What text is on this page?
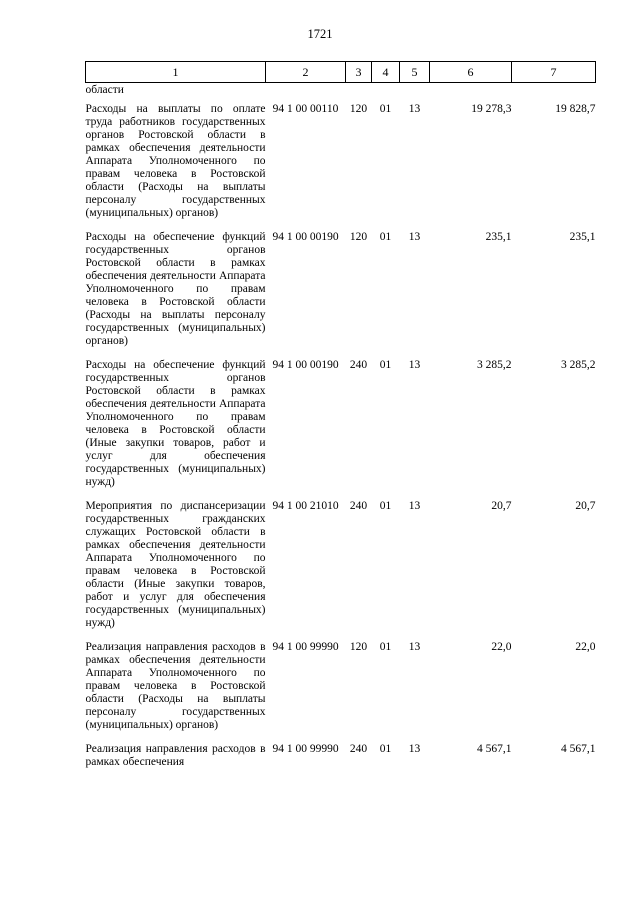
1721
1	2	3	4	5	6	7
области						
Расходы на выплаты по оплате труда работников государственных органов Ростовской области в рамках обеспечения деятельности Аппарата Уполномоченного по правам человека в Ростовской области (Расходы на выплаты персоналу государственных (муниципальных) органов)	94 1 00 00110	120	01	13	19 278,3	19 828,7
Расходы на обеспечение функций государственных органов Ростовской области в рамках обеспечения деятельности Аппарата Уполномоченного по правам человека в Ростовской области (Расходы на выплаты персоналу государственных (муниципальных) органов)	94 1 00 00190	120	01	13	235,1	235,1
Расходы на обеспечение функций государственных органов Ростовской области в рамках обеспечения деятельности Аппарата Уполномоченного по правам человека в Ростовской области (Иные закупки товаров, работ и услуг для обеспечения государственных (муниципальных) нужд)	94 1 00 00190	240	01	13	3 285,2	3 285,2
Мероприятия по диспансеризации государственных гражданских служащих Ростовской области в рамках обеспечения деятельности Аппарата Уполномоченного по правам человека в Ростовской области (Иные закупки товаров, работ и услуг для обеспечения государственных (муниципальных) нужд)	94 1 00 21010	240	01	13	20,7	20,7
Реализация направления расходов в рамках обеспечения деятельности Аппарата Уполномоченного по правам человека в Ростовской области (Расходы на выплаты персоналу государственных (муниципальных) органов)	94 1 00 99990	120	01	13	22,0	22,0
Реализация направления расходов в рамках обеспечения	94 1 00 99990	240	01	13	4 567,1	4 567,1
